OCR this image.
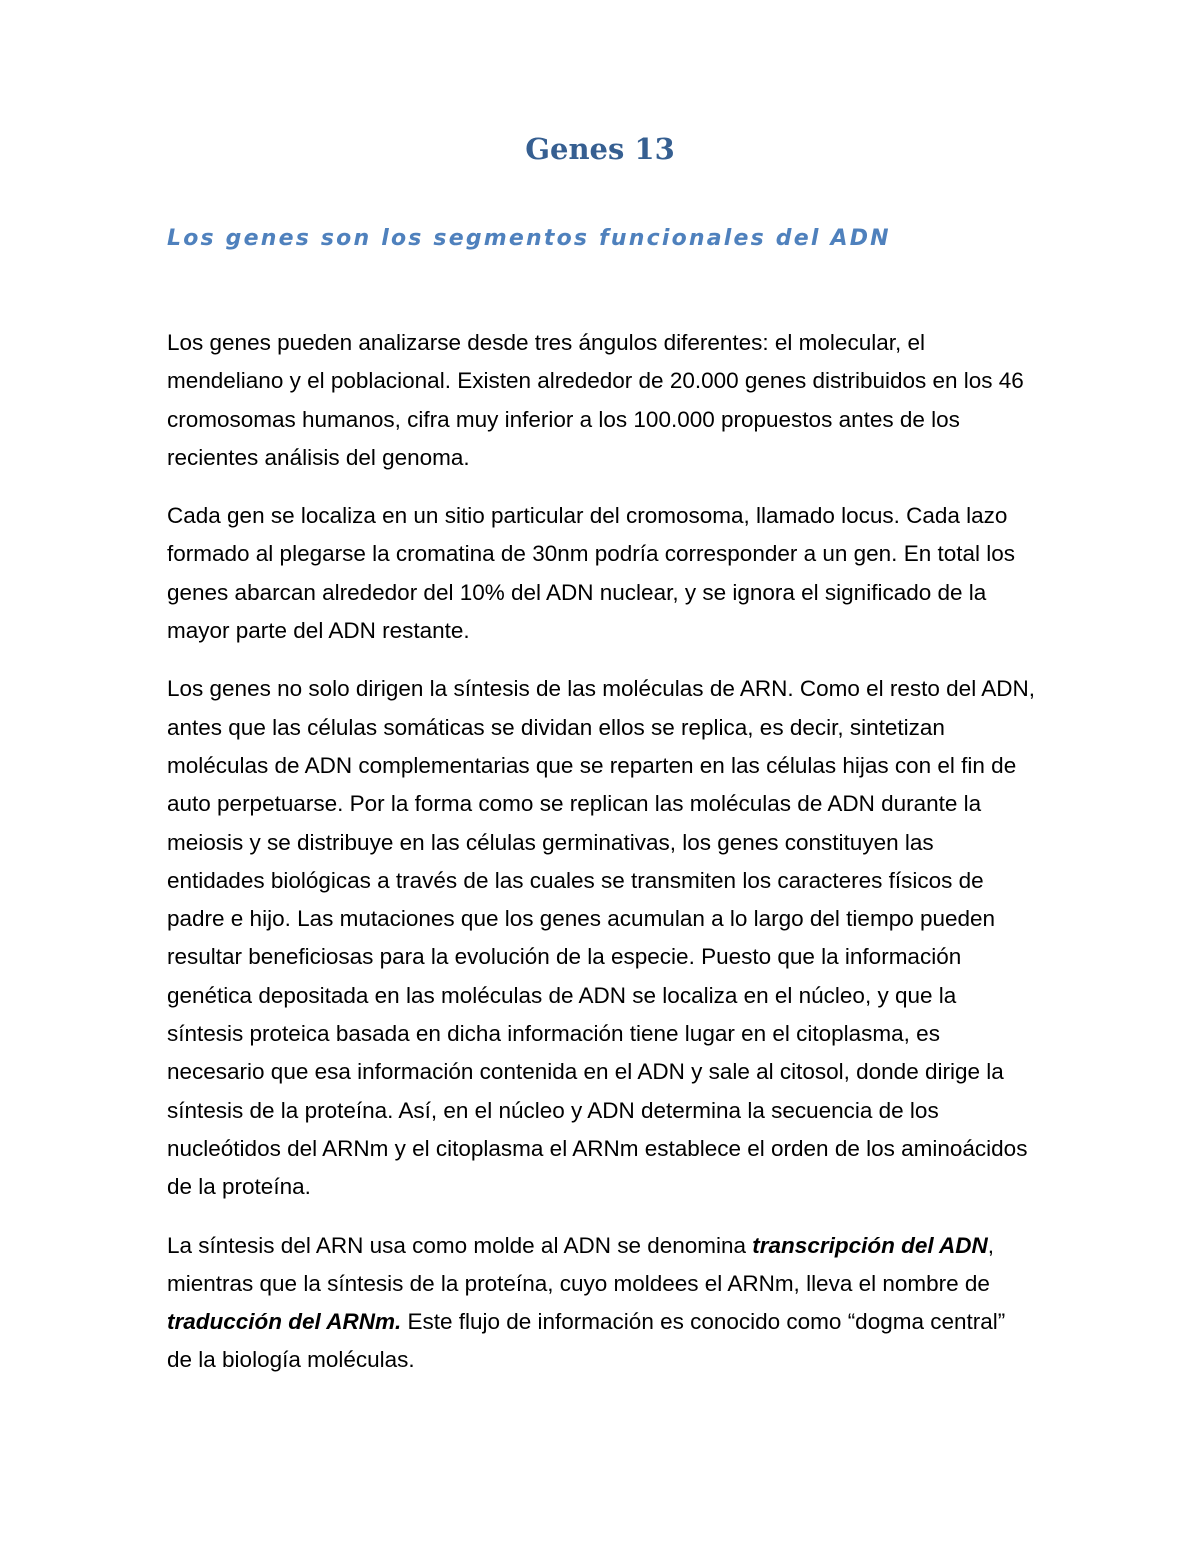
Genes 13
Los genes son los segmentos funcionales del ADN

Los genes pueden analizarse desde tres ángulos diferentes: el molecular, el mendeliano y el poblacional. Existen alrededor de 20.000 genes distribuidos en los 46 cromosomas humanos, cifra muy inferior a los 100.000 propuestos antes de los recientes análisis del genoma.

Cada gen se localiza en un sitio particular del cromosoma, llamado locus. Cada lazo formado al plegarse la cromatina de 30nm podría corresponder a un gen. En total los genes abarcan alrededor del 10% del ADN nuclear, y se ignora el significado de la mayor parte del ADN restante.

Los genes no solo dirigen la síntesis de las moléculas de ARN. Como el resto del ADN, antes que las células somáticas se dividan ellos se replica, es decir, sintetizan moléculas de ADN complementarias que se reparten en las células hijas con el fin de auto perpetuarse. Por la forma como se replican las moléculas de ADN durante la meiosis y se distribuye en las células germinativas, los genes constituyen las entidades biológicas a través de las cuales se transmiten los caracteres físicos de padre e hijo. Las mutaciones que los genes acumulan a lo largo del tiempo pueden resultar beneficiosas para la evolución de la especie. Puesto que la información genética depositada en las moléculas de ADN se localiza en el núcleo, y que la síntesis proteica basada en dicha información tiene lugar en el citoplasma, es necesario que esa información contenida en el ADN y sale al citosol, donde dirige la síntesis de la proteína. Así, en el núcleo y ADN determina la secuencia de los nucleótidos del ARNm y el citoplasma el ARNm establece el orden de los aminoácidos de la proteína.

La síntesis del ARN usa como molde al ADN se denomina transcripción del ADN, mientras que la síntesis de la proteína, cuyo moldees el ARNm, lleva el nombre de traducción del ARNm. Este flujo de información es conocido como “dogma central” de la biología moléculas.
